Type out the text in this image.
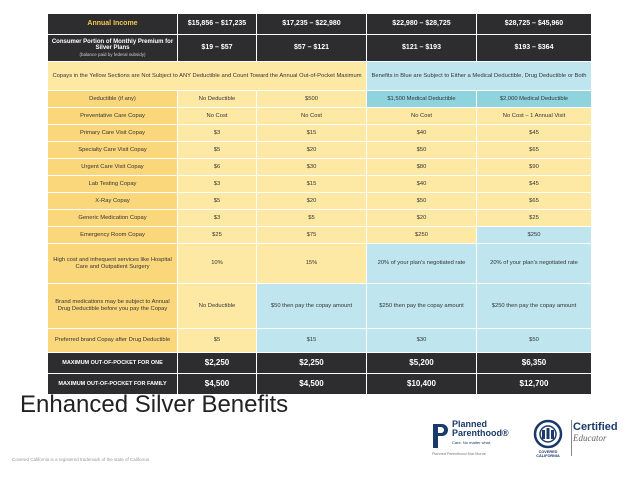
Annual Income	$15,856 – $17,235	$17,235 – $22,980	$22,980 – $28,725	$28,725 – $45,960
Consumer Portion of Monthly Premium for Silver Plans
(balance paid by federal subsidy)	$19 – $57	$57 – $121	$121 – $193	$193 – $364
Copays in the Yellow Sections are Not Subject to ANY Deductible and Count Toward the Annual Out-of-Pocket Maximum			Benefits in Blue are Subject to Either a Medical Deductible, Drug Deductible or Both	
Deductible (if any)	No Deductible	$500	$1,500 Medical Deductible	$2,000 Medical Deductible
Preventative Care Copay	No Cost	No Cost	No Cost	No Cost – 1 Annual Visit
Primary Care Visit Copay	$3	$15	$40	$45
Specialty Care Visit Copay	$5	$20	$50	$65
Urgent Care Visit Copay	$6	$30	$80	$90
Lab Testing Copay	$3	$15	$40	$45
X-Ray Copay	$5	$20	$50	$65
Generic Medication Copay	$3	$5	$20	$25
Emergency Room Copay	$25	$75	$250	$250
High cost and infrequent services like Hospital Care and Outpatient Surgery	10%	15%	20% of your plan's negotiated rate	20% of your plan's negotiated rate
Brand medications may be subject to Annual Drug Deductible before you pay the Copay	No Deductible	$50 then pay the copay amount	$250 then pay the copay amount	$250 then pay the copay amount
Preferred brand Copay after Drug Deductible	$5	$15	$30	$50
MAXIMUM OUT-OF-POCKET FOR ONE	$2,250	$2,250	$5,200	$6,350
MAXIMUM OUT-OF-POCKET FOR FAMILY	$4,500	$4,500	$10,400	$12,700
Enhanced Silver Benefits
Covered California is a registered trademark of the state of California
Planned Parenthood®
Care. No matter what.
Planned Parenthood Mar Monte	COVERED CALIFORNIA
Certified
Educator
